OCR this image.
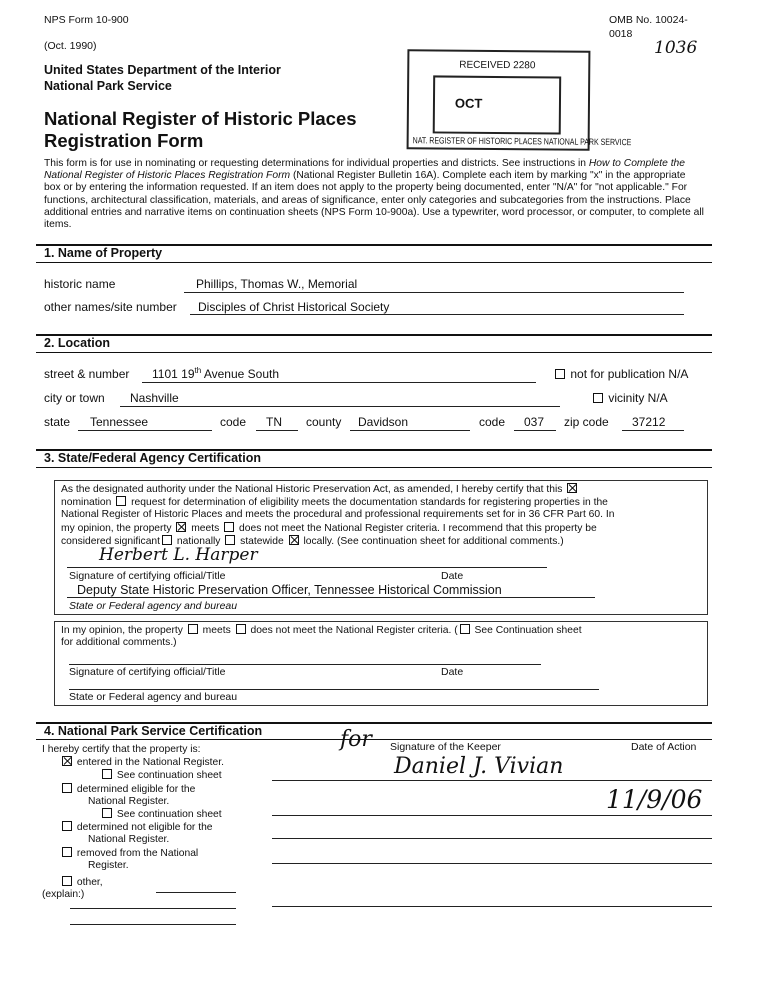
NPS Form 10-900
(Oct. 1990)
OMB No. 10024-
0018
1036
United States Department of the Interior
National Park Service
National Register of Historic Places
Registration Form
RECEIVED 2280
OCT
NAT. REGISTER OF HISTORIC PLACES NATIONAL PARK SERVICE
This form is for use in nominating or requesting determinations for individual properties and districts. See instructions in How to Complete the National Register of Historic Places Registration Form (National Register Bulletin 16A). Complete each item by marking "x" in the appropriate box or by entering the information requested. If an item does not apply to the property being documented, enter "N/A" for "not applicable." For functions, architectural classification, materials, and areas of significance, enter only categories and subcategories from the instructions. Place additional entries and narrative items on continuation sheets (NPS Form 10-900a). Use a typewriter, word processor, or computer, to complete all items.
1. Name of Property
historic name	Phillips, Thomas W., Memorial
other names/site number Disciples of Christ Historical Society
2. Location
street & number 1101 19th Avenue South	not for publication N/A
city or town Nashville	vicinity N/A
state Tennessee	code TN county Davidson	code 037 zip code 37212
3. State/Federal Agency Certification
As the designated authority under the National Historic Preservation Act, as amended, I hereby certify that this
nomination request for determination of eligibility meets the documentation standards for registering properties in the
National Register of Historic Places and meets the procedural and professional requirements set for in 36 CFR Part 60. In
my opinion, the property meets does not meet the National Register criteria. I recommend that this property be
considered significant nationally statewide locally. (See continuation sheet for additional comments.)
Herbert L. Harper
Signature of certifying official/Title	Date
Deputy State Historic Preservation Officer, Tennessee Historical Commission
State or Federal agency and bureau
In my opinion, the property meets does not meet the National Register criteria. ( See Continuation sheet
for additional comments.)
Signature of certifying official/Title	Date
State or Federal agency and bureau
4. National Park Service Certification
I hereby certify that the property is:
entered in the National Register.
See continuation sheet
determined eligible for the
National Register.
See continuation sheet
determined not eligible for the
National Register.
removed from the National
Register.
other,
(explain:)
for Signature of the Keeper	Date of Action
Daniel J. Vivian
11/9/06
